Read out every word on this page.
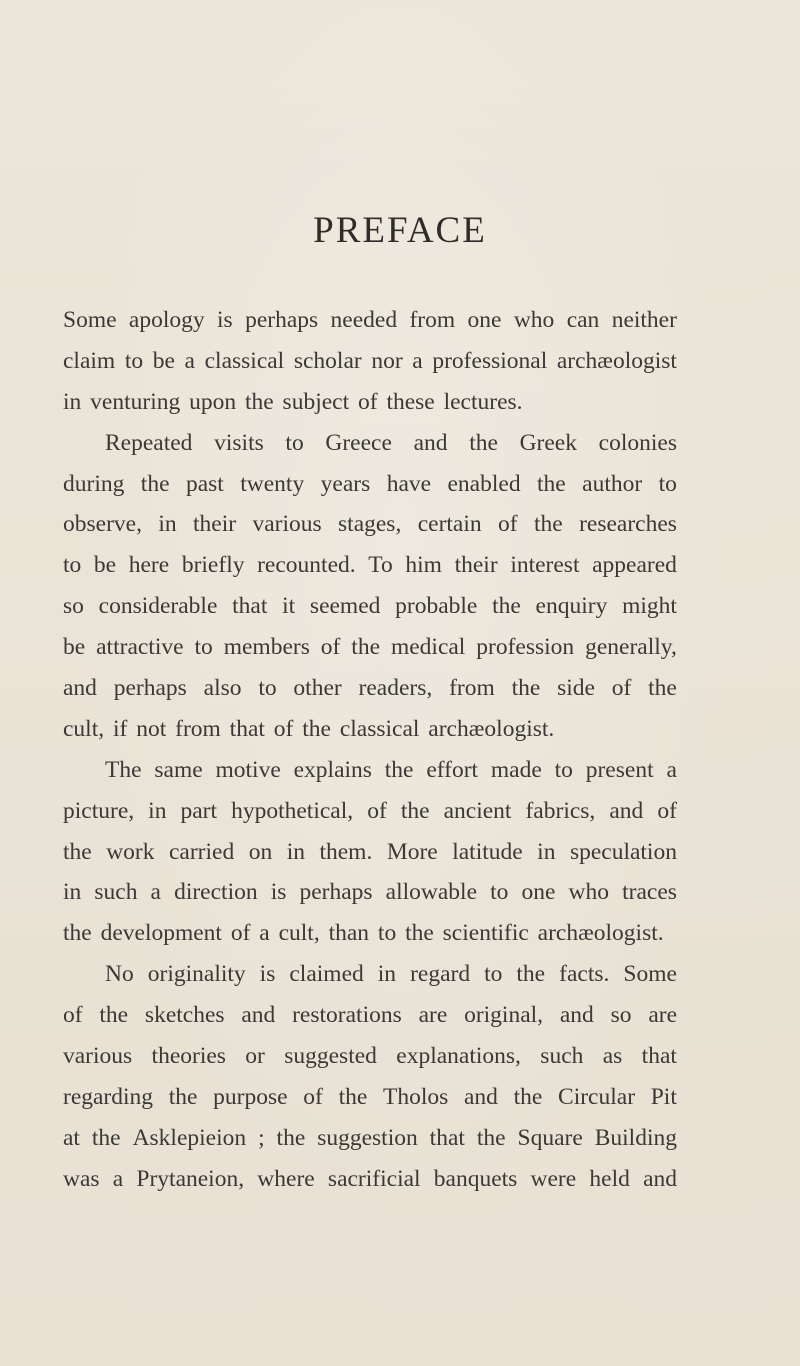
PREFACE
Some apology is perhaps needed from one who can neither
claim to be a classical scholar nor a professional archæologist
in venturing upon the subject of these lectures.
Repeated visits to Greece and the Greek colonies
during the past twenty years have enabled the author to
observe, in their various stages, certain of the researches
to be here briefly recounted. To him their interest appeared
so considerable that it seemed probable the enquiry might
be attractive to members of the medical profession generally,
and perhaps also to other readers, from the side of the
cult, if not from that of the classical archæologist.
The same motive explains the effort made to present a
picture, in part hypothetical, of the ancient fabrics, and of
the work carried on in them. More latitude in speculation
in such a direction is perhaps allowable to one who traces
the development of a cult, than to the scientific archæologist.
No originality is claimed in regard to the facts. Some
of the sketches and restorations are original, and so are
various theories or suggested explanations, such as that
regarding the purpose of the Tholos and the Circular Pit
at the Asklepieion ; the suggestion that the Square Building
was a Prytaneion, where sacrificial banquets were held and
